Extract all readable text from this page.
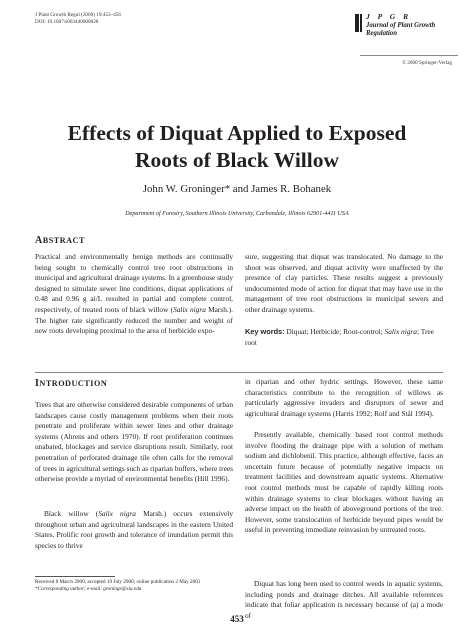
J Plant Growth Regul (2000) 19:453–456
DOI: 10.1007/s003440000028
J P G R
Journal of Plant Growth
Regulation
© 2000 Springer-Verlag
Effects of Diquat Applied to Exposed
Roots of Black Willow
John W. Groninger* and James R. Bohanek
Department of Forestry, Southern Illinois University, Carbondale, Illinois 62901-4411 USA
ABSTRACT
Practical and environmentally benign methods are continually being sought to chemically control tree root obstructions in municipal and agricultural drainage systems. In a greenhouse study designed to simulate sewer line conditions, diquat applications of 0.48 and 0.96 g ai/L resulted in partial and complete control, respectively, of treated roots of black willow (Salix nigra Marsh.). The higher rate significantly reduced the number and weight of new roots developing proximal to the area of herbicide expo-
sure, suggesting that diquat was translocated. No damage to the shoot was observed, and diquat activity were unaffected by the presence of clay particles. These results suggest a previously undocumented mode of action for diquat that may have use in the management of tree root obstructions in municipal sewers and other drainage systems.
Key words: Diquat; Herbicide; Root-control; Salix nigra; Tree root
INTRODUCTION
Trees that are otherwise considered desirable components of urban landscapes cause costly management problems when their roots penetrate and proliferate within sewer lines and other drainage systems (Ahrens and others 1970). If root proliferation continues unabated, blockages and service disruptions result. Similarly, root penetration of perforated drainage tile often calls for the removal of trees in agricultural settings such as riparian buffers, where trees otherwise provide a myriad of environmental benefits (Hill 1996).
Black willow (Salix nigra Marsh.) occurs extensively throughout urban and agricultural landscapes in the eastern United States. Prolific root growth and tolerance of inundation permit this species to thrive
in riparian and other hydric settings. However, these same characteristics contribute to the recognition of willows as particularly aggressive invaders and disruptors of sewer and agricultural drainage systems (Harris 1992; Rolf and Stål 1994).
Presently available, chemically based root control methods involve flooding the drainage pipe with a solution of metham sodium and dichlobenil. This practice, although effective, faces an uncertain future because of potentially negative impacts on treatment facilities and downstream aquatic systems. Alternative root control methods must be capable of rapidly killing roots within drainage systems to clear blockages without having an adverse impact on the health of aboveground portions of the tree. However, some translocation of herbicide beyond pipes would be useful in preventing immediate reinvasion by untreated roots.
Diquat has long been used to control weeds in aquatic systems, including ponds and drainage ditches. All available references indicate that foliar application is necessary because of (a) a mode of
Received 8 March 2000; accepted 19 July 2000; online publication 2 May 2001
*Corresponding author; e-mail: groninge@siu.edu
453
